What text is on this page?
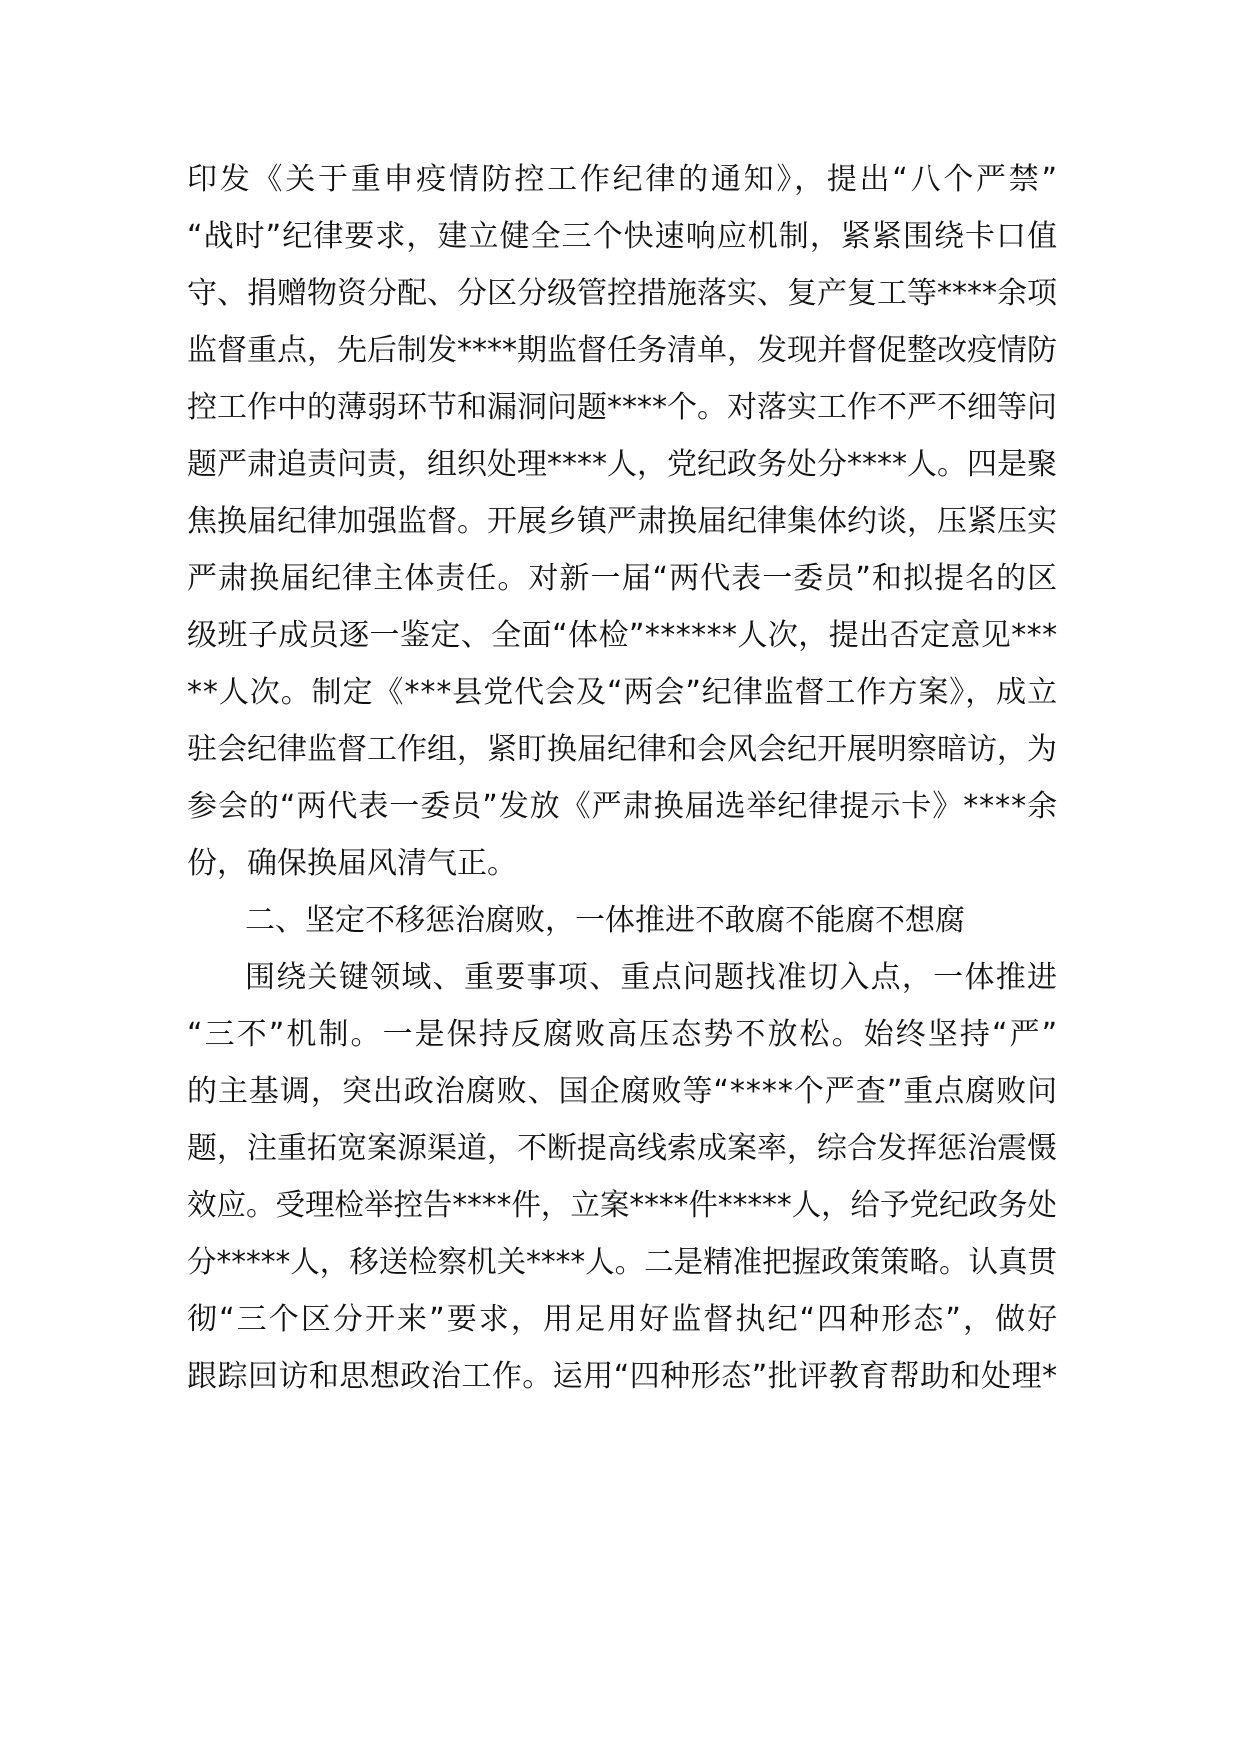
印发《关于重申疫情防控工作纪律的通知》，提出“八个严禁”
“战时”纪律要求，建立健全三个快速响应机制，紧紧围绕卡口值
守、捐赠物资分配、分区分级管控措施落实、复产复工等****余项
监督重点，先后制发****期监督任务清单，发现并督促整改疫情防
控工作中的薄弱环节和漏洞问题****个。对落实工作不严不细等问
题严肃追责问责，组织处理****人，党纪政务处分****人。四是聚
焦换届纪律加强监督。开展乡镇严肃换届纪律集体约谈，压紧压实
严肃换届纪律主体责任。对新一届“两代表一委员”和拟提名的区
级班子成员逐一鉴定、全面“体检”******人次，提出否定意见***
**人次。制定《***县党代会及“两会”纪律监督工作方案》，成立
驻会纪律监督工作组，紧盯换届纪律和会风会纪开展明察暗访，为
参会的“两代表一委员”发放《严肃换届选举纪律提示卡》****余
份，确保换届风清气正。
二、坚定不移惩治腐败，一体推进不敢腐不能腐不想腐
围绕关键领域、重要事项、重点问题找准切入点，一体推进
“三不”机制。一是保持反腐败高压态势不放松。始终坚持“严”
的主基调，突出政治腐败、国企腐败等“****个严查”重点腐败问
题，注重拓宽案源渠道，不断提高线索成案率，综合发挥惩治震慑
效应。受理检举控告****件，立案****件*****人，给予党纪政务处
分*****人，移送检察机关****人。二是精准把握政策策略。认真贯
彻“三个区分开来”要求，用足用好监督执纪“四种形态”，做好
跟踪回访和思想政治工作。运用“四种形态”批评教育帮助和处理*
